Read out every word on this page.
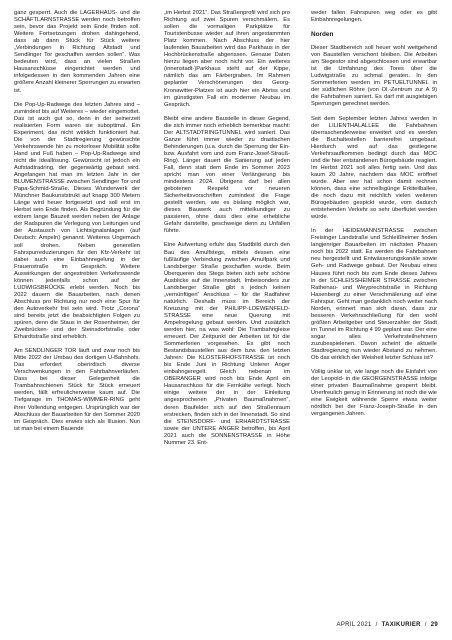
ganz gesperrt. Auch die LAGERHAUS- und die SCHÄFTLARNSTRASSE werden noch betroffen sein, bevor das Projekt sein Ende finden soll. Weitere Fortsetzungen drohen dahingehend, dass ab dann Stück für Stück weitere „Verbindungen in Richtung Altstadt und Sendlinger Tor geschaffen werden sollen“. Was bedeuten wird, dass an vielen Straßen Hausanschlüsse eingerichtet werden und infolgedessen in den kommenden Jahren eine größere Anzahl kleinerer Sperrungen zu erwarten ist.

Die Pop-Up-Radwege des letzten Jahres sind – zumindest bis auf Weiteres – wieder eingemottet. Das ist auch gut so, denn in der seinerzeit realisierten Form waren sie suboptimal. Ein Experiment, das nicht wirklich funktioniert hat. Die von der Stadtregierung gewünschte Verkehrswende hin zu motorloser Mobilität sollte Hand und Fuß haben – Pop-Up-Radwege sind nicht die Ideallösung. Gewünscht ist jedoch ein Aufstadtradring, der gegenwärtig gebaut wird. Angefangen hat man im letzten Jahr in der BLUMENSTRASSE zwischen Sendlinger Tor und Papa-Schmid-Straße. Dieses Wunderwerk der Münchner Baukunststrukt auf knapp 300 Metern Länge wird heuer fortgesetzt und soll erst im Herbst sein Ende finden. Als Begründung für die extrem lange Bauzeit werden neben der Anlage der Radspuren die Verlegung von Leitungen und der Austausch von Lichtsignalanlagen (auf Deutsch: Ampeln) genannt. Weiteres Ungemach soll drohen. Neben generellen Fahrspurreduzierungen für den Kfz-Verkehr ist dabei auch eine Einbahnregelung in der Frauenstraße im Gespräch. Weitere Auswirkungen der angestrebten Verkehrswende können jedenfalls schon auf der LUDWIGSBRÜCKE erlebt werden. Noch bis 2022 dauern die Bauarbeiten, nach denen Abschluss pro Richtung nur noch eine Spur für den Autoverkehr frei sein wird. Trotz „Corona“ sind bereits jetzt die beabsichtigten Folgen zu spüren, denn die Staus in der Rosenheimer, der Zweibrücken- und der Steinsdorfstraße oder Erhardtstraße sind erheblich.

Am SENDLINGER TOR läuft und zwar noch bis Mitte 2022 der Umbau des dortigen U-Bahnhofs. Das erfordert oberirdisch diverse Verschwenkungen in den Fahrbahnverläufen. Dass bei dieser Gelegenheit die Trambahnschienen Stück für Stück erneuert werden, fällt erfreulicherweise kaum auf. Die Tiefgarage im THOMAS-WIMMER-RING geht ihrer Vollendung entgegen. Ursprünglich war der Abschluss der Bauarbeiten für den Sommer 2020 im Gespräch. Dies erwies sich als Illusion. Nun ist man bei einem Bauende

„im Herbst 2021“. Das Straßenprofil wird sich pro Richtung auf zwei Spuren verschmälern. Es sollen die vormaligen Parkplätze für Touristenbusse wieder auf ihren angestammten Platz kommen. Nach Abschluss der hier laufenden Bauarbeiten wird das Parkhaus in der Hochbrückenstraße abgerissen. Genaue Daten hierzu liegen aber noch nicht vor. Ein weiteres (innenstadt-)Parkhaus steht auf der Kippe, nämlich das am Färbergraben. Im Rahmen geplanter Verschönerungen des Georg-Kronawitter-Platzes ist auch hier ein Abriss und im günstigsten Fall ein moderner Neubau im Gespräch.

Bleibt eine andere Baustelle in dieser Gegend, die sich immer noch erheblich bemerkbar macht: Der ALTSTADTRINGTUNNEL wird saniert. Das Ganze führt immer wieder zu drastischen Behinderungen (u.a. durch die Sperrung der Ein- bzw. Ausfahrt vom und zum Franz-Josef-Strauß-Ring). Länger dauert die Sanierung auf jeden Fall, denn statt dem Ende im Sommer 2023 spricht man von einer Verlängerung bis mindestens 2024. Übrigens darf bei allen gebotenen Respekt vor neueren Sicherheitsvorschriften zumindest die Frage gestellt werden, wie es bislang möglich war, dieses Bauwerk auch mittelkundiger zu passieren, ohne dass dies eine erhebliche Gefahr darstellte, geschweige denn zu Unfällen führte.

Eine Aufwertung erfuhr das Stadtbild durch den Bau des Amulfstegs, mittels dessen eine fußläufige Verbindung zwischen Arnulfpark und Landsberger Straße geschaffen wurde. Beim Überqueren des Stegs bieten sich sehr schöne Ausblicke auf die Innenstadt. Imbeisonders zur Landsberger Straße gibt s jedoch keinen „vernünftigen“ Anschluss – für die Radfahrer natürlich. Deshalb muss im Bereich der Kreuzung mit der PHILIPP-LOEWENFELD-STRASSE eine neue Querung mit Ampelregelung gebaut werden. Und zusätzlich werden hier, na was wohl: Die Trambahngleise erneuert. Der Zeitpunkt der Arbeiten ist für die Sommerferien vorgesehen. Es gibt noch Bestandsbaustellen aus dem bzw. den letzten Jahren: Die KLOSTERHOFSTRASSE ist noch bis Ende Juni in Richtung Unterer Anger einbahngeregelt. Gleich nebenan im OBERANGER wird noch bis Ende April ein Hausanschluss für die Fernkälte verlegt. Noch einige weitere der in der Einleitung angesprochenen „Privaten Baumaßnahmen“, deren Baufelder sich auf den Straßenraum erstrecken, finden sich in der Innenstadt. So sind die STEINSDORF- und ERHARDTSTRASSE sowie der UNTERE ANGER betroffen, bis April 2021 auch die SONNENSTRASSE in Höhe Nummer 23. Ent-

weder fallen Fahrspuren weg oder es gibt Einbahnregelungen.

Norden

Dieser Stadtbereich soll heuer wohl weitgehend von Baustellen verschont bleiben. Die Arbeiten am Siegestor sind abgeschlossen und erwartbar ist die Umfahrung des Tores über die Ludwigstraße zu schmal geraten. In den Sommerferien werden im PETUELTUNNEL in der südlichen Röhre (von Ol.-Zentrum zur A 9) die Fahrbahnen saniert. Es darf mit ausgiebigen Sperrungen gerechnet werden.

Seit dem September letzten Jahres werden in der LILIENTHALALLEE die Fahrbahnen überraschenderweise erweitert und es werden die Buchaltestellen barrierefrei umgebaut. Hierdurch wird auf das gestiegene Verkehrsaufkommen bedingt durch das MOC und die hier entstandenen Bürogebäude reagiert. Im Herbst 2021 soll alles fertig sein. Und das kaum 20 Jahre, nachdem das MOC eröffnet wurde. Aber wer hat schon damit rechnen können, dass eine schnellsgünge Erkiteilballee, die noch dazu mit reichlich vielen weiteren Bürogebäuden gespickt wurde, vom dadurch entstehenden Verkehr so sehr überflutet werden würde.

In der HEIDEMANNSTRASSE zwischen Freisinger Landstraße und Schleißheimer finden langjenriger Bauarbeiten im nächsten Phasen noch bis 2022 statt. Es werden die Fahrbahnen neu hergestellt und Entwässerungskanäle sowie Geh- und Radwege gebaut. Der Neubau eines Hauses führt noch bis zum Ende dieses Jahres in der SCHLEISSHEIMER STRASSE zwischen Rathenau- und Weyprechtstraße in Richtung Hasenbergl zu einer Verschmälerung auf eine Fahrspur. Geht man gedanklich noch weiter nach Norden, erinnert man sich daran, dass zur besseren Verkehrsschließung für den wohl größten Arbeitgeber und Steuerzahler der Stadt im Tunnel im Richtung 4 99 geplant war. Der eine sogar alles Verkehrsteilnehmern zuzubespielenen. Davon scheint die aktuelle Stadtregierung nun wieder Abstand zu nehmen. Ob das wirklich der Weisheit letzter Schluss ist?

Völlig unklar ist, wie lange noch die Einfahrt von der Leopold- in die GEORGENSTRASSE infolge einer privaten Baumaßnahme gesperrt bleibt. Unerfreulich genug in Erinnerung ist noch die wie eine Ewigkeit währende Sperre etwas weiter nördlich bei der Franz-Joseph-Straße in den vergangenen Jahren.

APRIL 2021 / TAXIKURIER / 29
